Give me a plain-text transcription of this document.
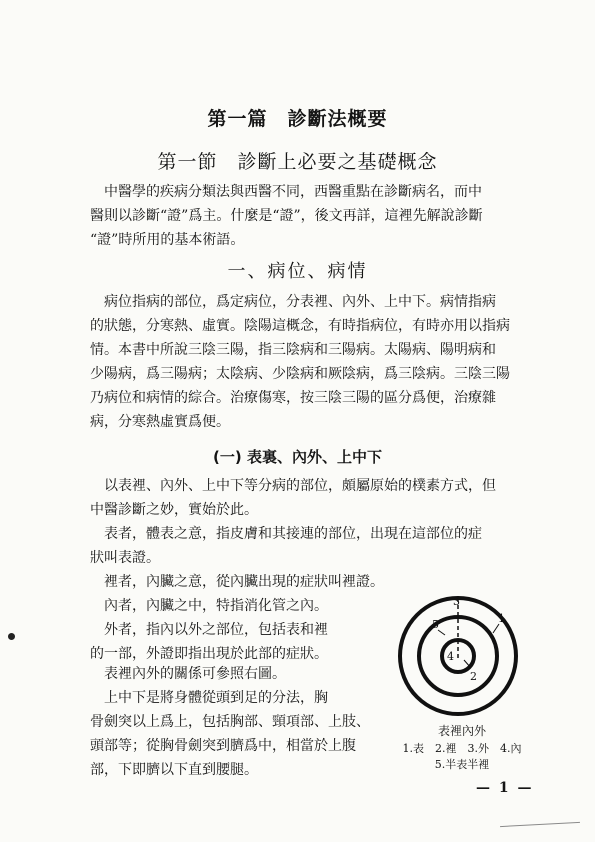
第一篇　診斷法概要
第一節　診斷上必要之基礎概念
　中醫學的疾病分類法與西醫不同，西醫重點在診斷病名，而中
醫則以診斷“證”爲主。什麼是“證”，後文再詳，這裡先解說診斷
“證”時所用的基本術語。
一、病位、病情
　病位指病的部位，爲定病位，分表裡、內外、上中下。病情指病
的狀態，分寒熱、虛實。陰陽這概念，有時指病位，有時亦用以指病
情。本書中所說三陰三陽，指三陰病和三陽病。太陽病、陽明病和
少陽病，爲三陽病；太陰病、少陰病和厥陰病，爲三陰病。三陰三陽
乃病位和病情的綜合。治療傷寒，按三陰三陽的區分爲便，治療雜
病，分寒熱虛實爲便。
(一) 表裏、內外、上中下
　以表裡、內外、上中下等分病的部位，頗屬原始的樸素方式，但
中醫診斷之妙，實始於此。
　表者，體表之意，指皮膚和其接連的部位，出現在這部位的症
狀叫表證。
　裡者，內臟之意，從內臟出現的症狀叫裡證。
　內者，內臟之中，特指消化管之內。
　外者，指內以外之部位，包括表和裡
的一部，外證即指出現於此部的症狀。
　表裡內外的關係可參照右圖。
　上中下是將身體從頭到足的分法，胸
骨劍突以上爲上，包括胸部、頸項部、上肢、
頭部等；從胸骨劍突到臍爲中，相當於上腹
部，下即臍以下直到腰腿。
1
2
3
4
5
表裡內外
1.表　2.裡　3.外　4.內
5.半表半裡
— 1 —
